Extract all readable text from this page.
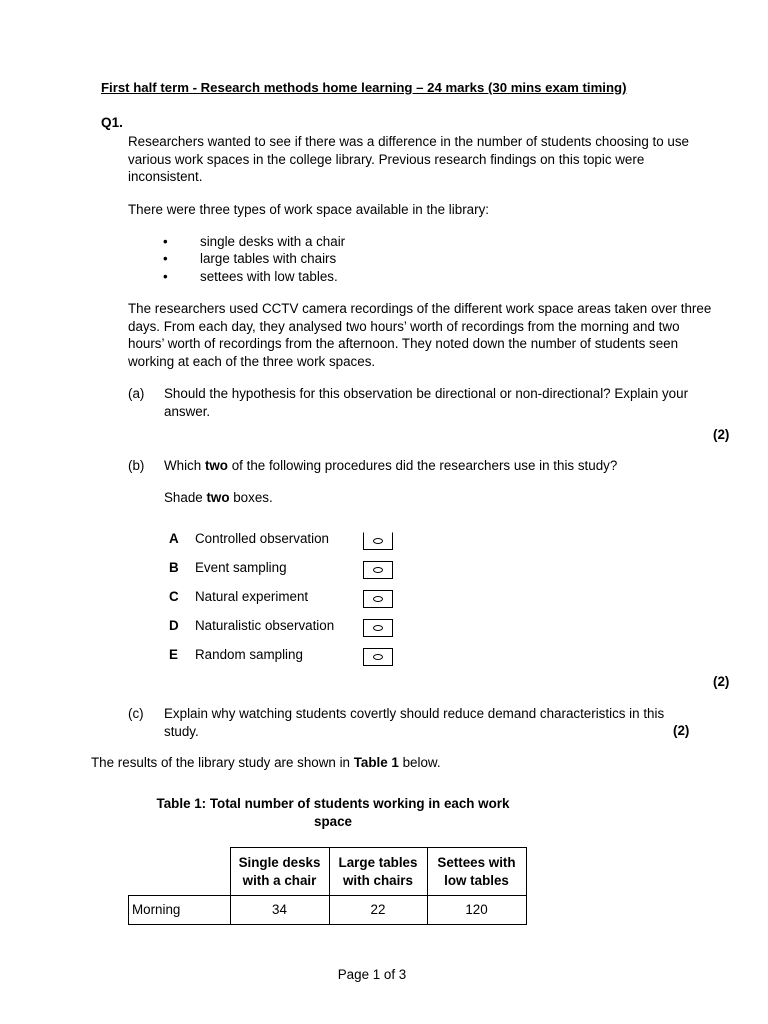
First half term - Research methods home learning – 24 marks (30 mins exam timing)
Q1.
Researchers wanted to see if there was a difference in the number of students choosing to use various work spaces in the college library. Previous research findings on this topic were inconsistent.
There were three types of work space available in the library:
• single desks with a chair
• large tables with chairs
• settees with low tables.
The researchers used CCTV camera recordings of the different work space areas taken over three days. From each day, they analysed two hours’ worth of recordings from the morning and two hours’ worth of recordings from the afternoon. They noted down the number of students seen working at each of the three work spaces.
(a) Should the hypothesis for this observation be directional or non-directional? Explain your answer.
(2)
(b) Which two of the following procedures did the researchers use in this study?
Shade two boxes.
A Controlled observation
B Event sampling
C Natural experiment
D Naturalistic observation
E Random sampling
(2)
(c) Explain why watching students covertly should reduce demand characteristics in this study.	(2)
The results of the library study are shown in Table 1 below.
Table 1: Total number of students working in each work
space
	Single desks
with a chair	Large tables
with chairs	Settees with
low tables
Morning	34	22	120
Page 1 of 3
